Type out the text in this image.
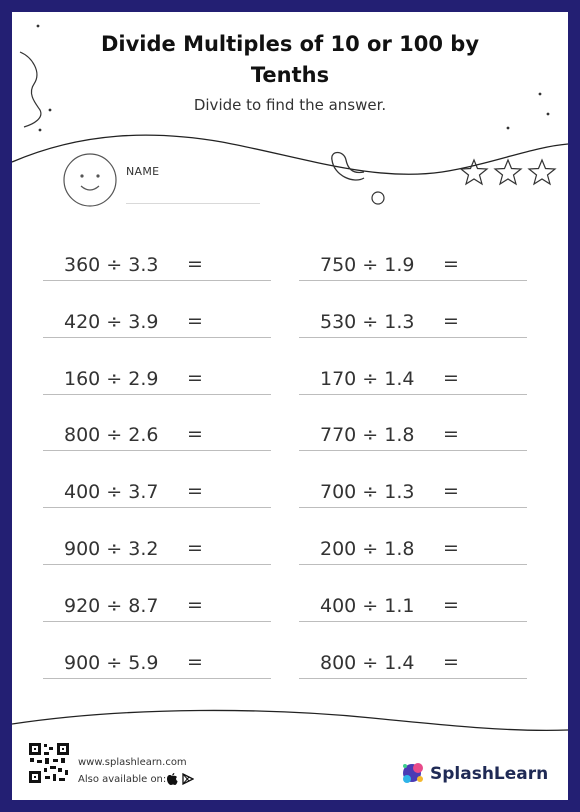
Divide Multiples of 10 or 100 by
Tenths
Divide to find the answer.
NAME
360 ÷ 3.3 =
420 ÷ 3.9 =
160 ÷ 2.9 =
800 ÷ 2.6 =
400 ÷ 3.7 =
900 ÷ 3.2 =
920 ÷ 8.7 =
900 ÷ 5.9 =
750 ÷ 1.9 =
530 ÷ 1.3 =
170 ÷ 1.4 =
770 ÷ 1.8 =
700 ÷ 1.3 =
200 ÷ 1.8 =
400 ÷ 1.1 =
800 ÷ 1.4 =
www.splashlearn.com
Also available on:	SplashLearn
